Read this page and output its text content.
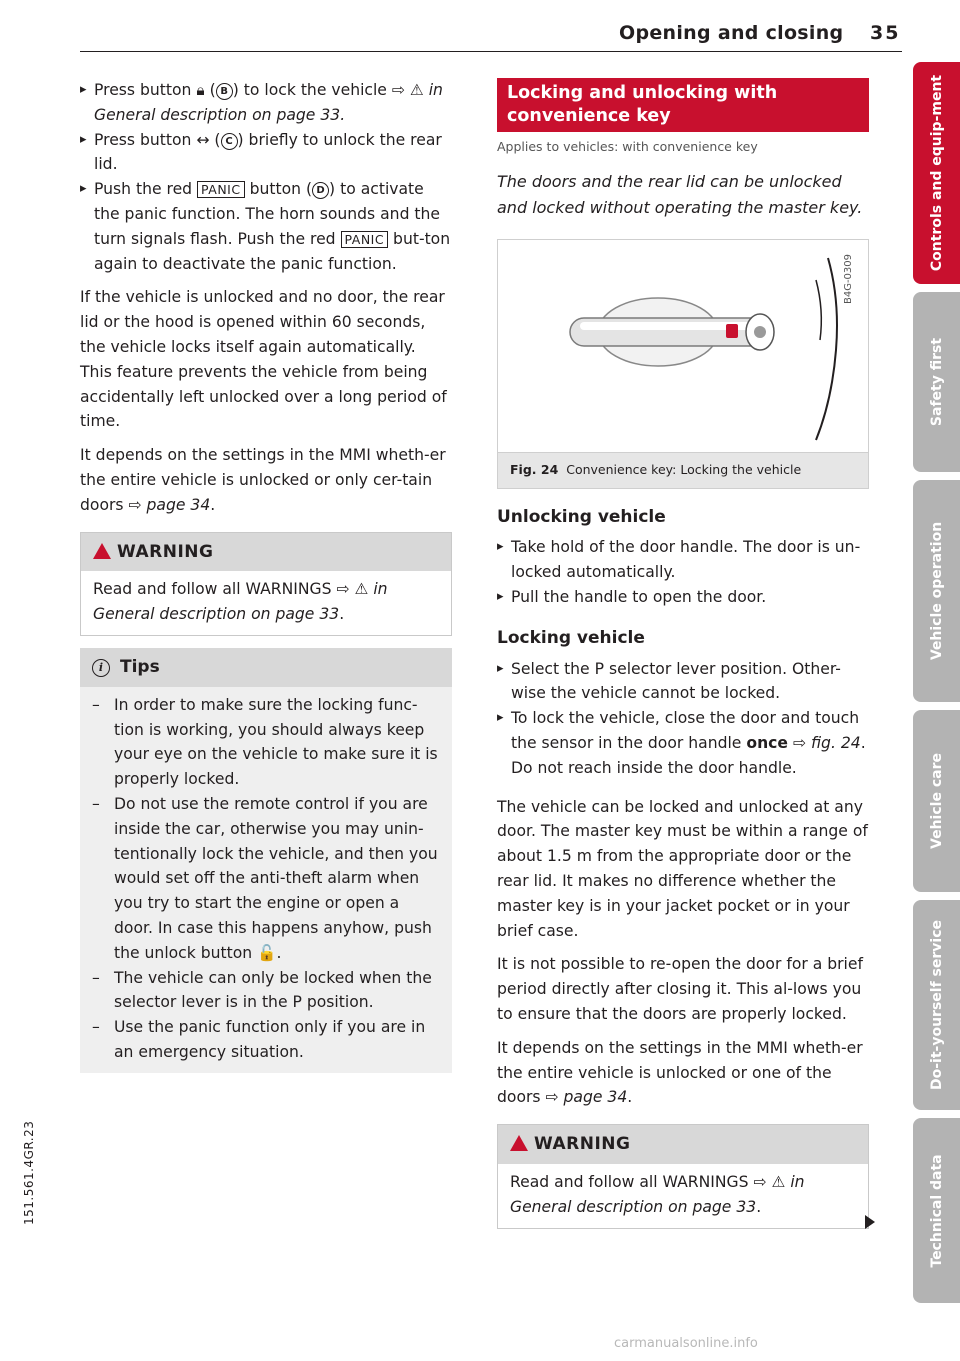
Opening and closing 35

▸ Press button 🔒︎ ( B ) to lock the vehicle ⇨ ⚠ in General description on page 33.

▸ Press button ↔ ( C ) briefly to unlock the rear lid.

▸ Push the red PANIC button ( D ) to activate the panic function. The horn sounds and the turn signals flash. Push the red PANIC but-ton again to deactivate the panic function.

If the vehicle is unlocked and no door, the rear lid or the hood is opened within 60 seconds, the vehicle locks itself again automatically. This feature prevents the vehicle from being accidentally left unlocked over a long period of time.

It depends on the settings in the MMI wheth-er the entire vehicle is unlocked or only cer-tain doors ⇨ page 34.

WARNING
Read and follow all WARNINGS ⇨ ⚠ in General description on page 33.
i Tips

– In order to make sure the locking func-tion is working, you should always keep your eye on the vehicle to make sure it is properly locked.

– Do not use the remote control if you are inside the car, otherwise you may unin-tentionally lock the vehicle, and then you would set off the anti-theft alarm when you try to start the engine or open a door. In case this happens anyhow, push the unlock button 🔓.

– The vehicle can only be locked when the selector lever is in the P position.

– Use the panic function only if you are in an emergency situation.

Locking and unlocking with convenience key
Applies to vehicles: with convenience key

The doors and the rear lid can be unlocked and locked without operating the master key.

B4G-0309
Fig. 24 Convenience key: Locking the vehicle
Unlocking vehicle

▸ Take hold of the door handle. The door is un-locked automatically.

▸ Pull the handle to open the door.

Locking vehicle

▸ Select the P selector lever position. Other-wise the vehicle cannot be locked.

▸ To lock the vehicle, close the door and touch the sensor in the door handle once ⇨ fig. 24.

Do not reach inside the door handle.

The vehicle can be locked and unlocked at any door. The master key must be within a range of about 1.5 m from the appropriate door or the rear lid. It makes no difference whether the master key is in your jacket pocket or in your brief case.

It is not possible to re-open the door for a brief period directly after closing it. This al-lows you to ensure that the doors are properly locked.

It depends on the settings in the MMI wheth-er the entire vehicle is unlocked or one of the doors ⇨ page 34.

WARNING
Read and follow all WARNINGS ⇨ ⚠ in General description on page 33.
Controls and equip-ment
Safety first
Vehicle operation
Vehicle care
Do-it-yourself service
Technical data
151.561.4GR.23
carmanualsonline.info
